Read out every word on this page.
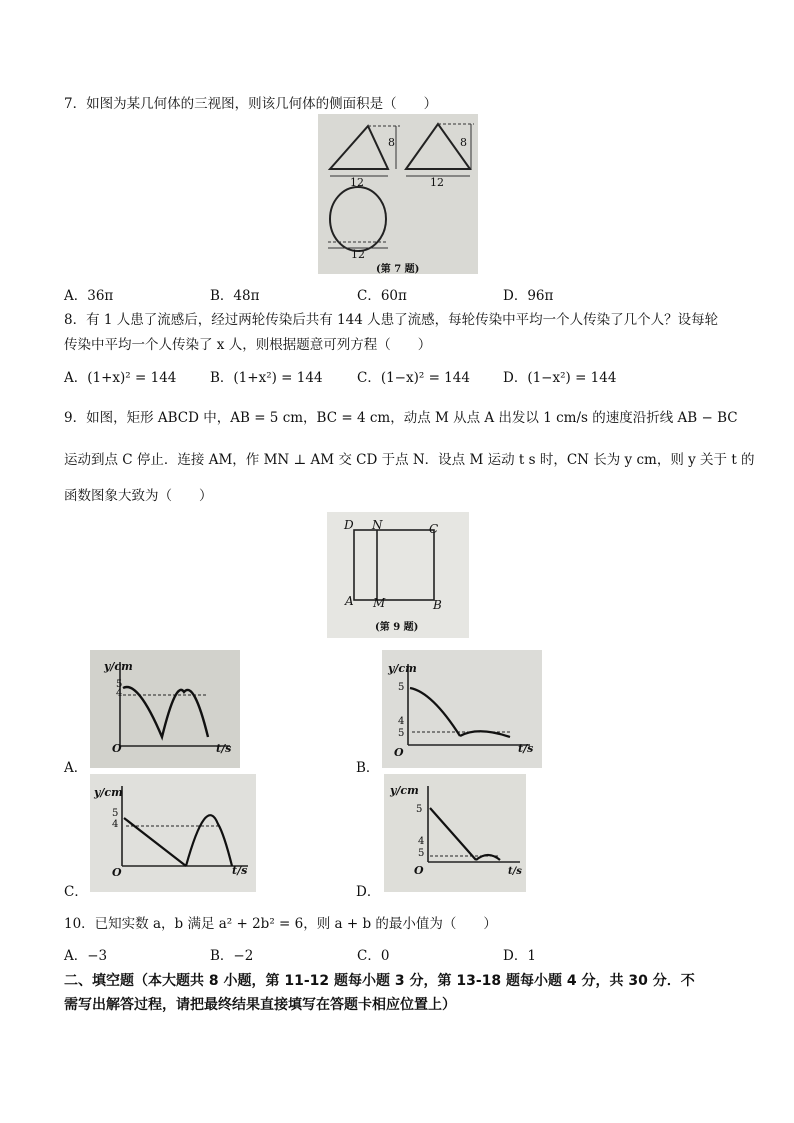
7．如图为某几何体的三视图，则该几何体的侧面积是（　　）
8	8
12	12
12
(第 7 题)
A．36π	B．48π	C．60π	D．96π
8．有 1 人患了流感后，经过两轮传染后共有 144 人患了流感，每轮传染中平均一个人传染了几个人？设每轮
传染中平均一个人传染了 x 人，则根据题意可列方程（　　）
A．(1+x)² = 144 B．(1+x²) = 144	C．(1−x)² = 144 D．(1−x²) = 144
9．如图，矩形 ABCD 中，AB = 5 cm，BC = 4 cm，动点 M 从点 A 出发以 1 cm/s 的速度沿折线 AB − BC
运动到点 C 停止．连接 AM，作 MN ⊥ AM 交 CD 于点 N．设点 M 运动 t s 时，CN 长为 y cm，则 y 关于 t 的
函数图象大致为（　　）
D N	C
A M	B
(第 9 题)
A．
y/cm
5
4
O	t/s
B．
y/cm
5
4
5
O	t/s
C．
y/cm
5
4
O	t/s
D．
y/cm
5
4
5
O	t/s
10．已知实数 a，b 满足 a² + 2b² = 6，则 a + b 的最小值为（　　）
A．−3	B．−2	C．0	D．1
二、填空题（本大题共 8 小题，第 11-12 题每小题 3 分，第 13-18 题每小题 4 分，共 30 分．不
需写出解答过程，请把最终结果直接填写在答题卡相应位置上）
